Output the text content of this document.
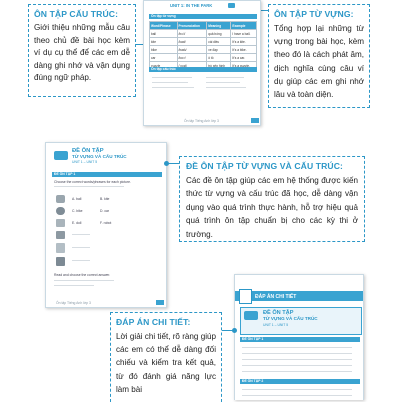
ÔN TẬP CẤU TRÚC:
Giới thiệu những mẫu câu theo chủ đề bài học kèm ví dụ cụ thể để các em dễ dàng ghi nhớ và vận dụng đúng ngữ pháp.
ÔN TẬP TỪ VỰNG:
Tổng hợp lại những từ vựng trong bài học, kèm theo đó là cách phát âm, dịch nghĩa cùng câu ví dụ giúp các em ghi nhớ lâu và toàn diện.
UNIT 1: IN THE PARK
Ôn tập từ vựng
Word/Phrase	Pronunciation	Meaning	Example
ball	/bɔːl/	quả bóng	I have a ball.
kite	/kaɪt/	cái diều	It's a kite.
bike	/baɪk/	xe đạp	It's a bike.
car	/kɑːr/	ô tô	It's a car.
puzzle	/ˈpʌzl/	trò xếp hình	It's a puzzle.
Ôn tập cấu trúc
Ôn tập Tiếng Anh lớp 3
ĐỀ ÔN TẬP
TỪ VỰNG VÀ CẤU TRÚC
UNIT 1 – UNIT 5
ĐỀ ÔN TẬP 1
Choose the correct words/phrases for each picture.
A. ball	B. kite
C. bike	D. car
E. doll	F. robot
Read and choose the correct answer.
Ôn tập Tiếng Anh lớp 3
ĐỀ ÔN TẬP TỪ VỰNG VÀ CẤU TRÚC:
Các đề ôn tập giúp các em hệ thống được kiến thức từ vựng và cấu trúc đã học, dễ dàng vận dụng vào quá trình thực hành, hỗ trợ hiệu quả quá trình ôn tập chuẩn bị cho các kỳ thi ở trường.
ĐÁP ÁN CHI TIẾT
ĐỀ ÔN TẬP
TỪ VỰNG VÀ CẤU TRÚC
UNIT 1 – UNIT 5
ĐỀ ÔN TẬP 1
ĐỀ ÔN TẬP 2
ĐÁP ÁN CHI TIẾT:
Lời giải chi tiết, rõ ràng giúp các em có thể dễ dàng đối chiếu và kiểm tra kết quả, từ đó đánh giá năng lực làm bài
